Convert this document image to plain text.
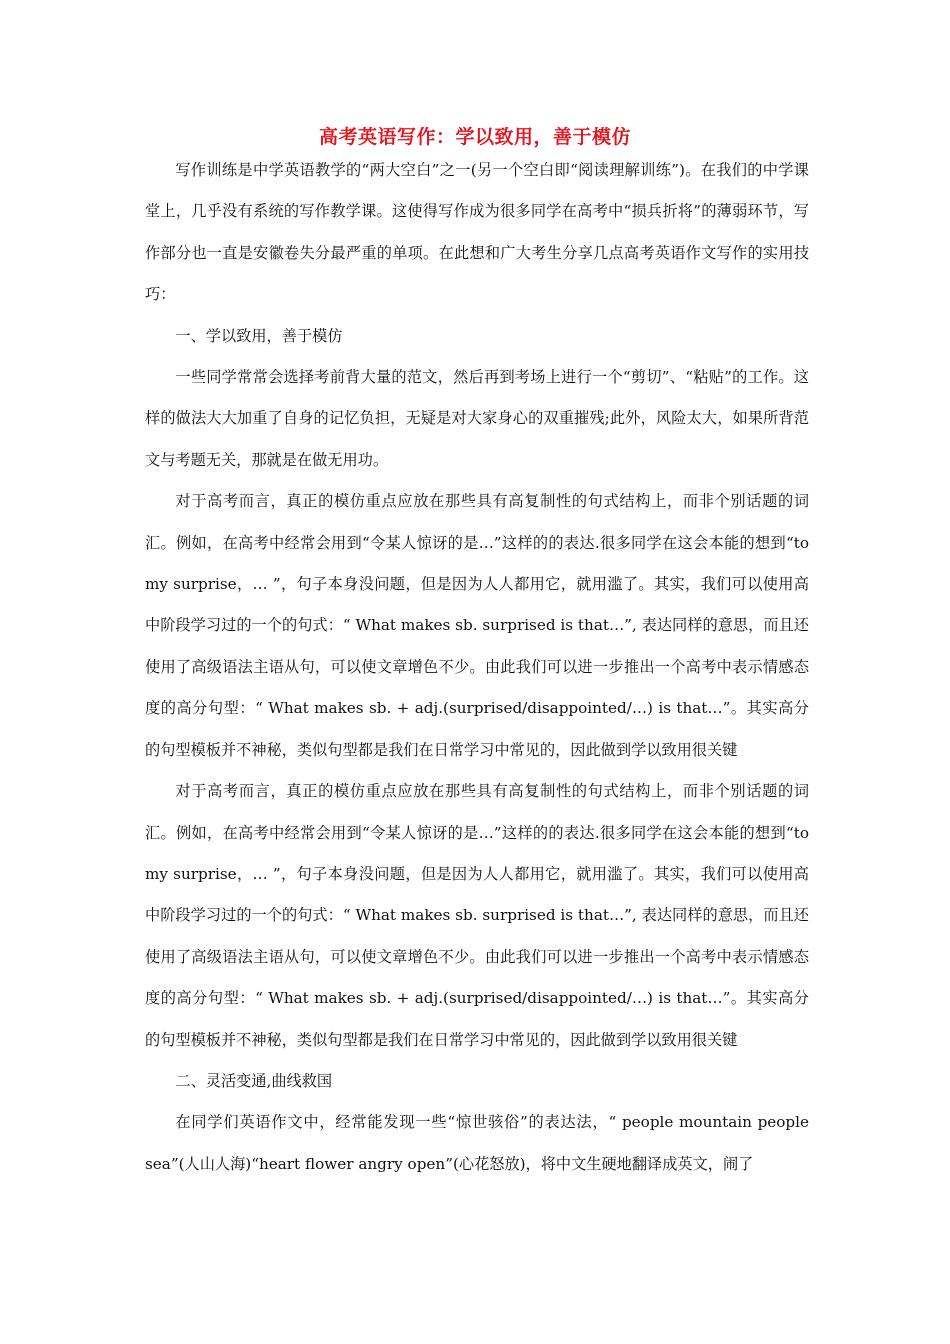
高考英语写作：学以致用，善于模仿

写作训练是中学英语教学的“两大空白”之一(另一个空白即“阅读理解训练”)。在我们的中学课堂上，几乎没有系统的写作教学课。这使得写作成为很多同学在高考中“损兵折将”的薄弱环节，写作部分也一直是安徽卷失分最严重的单项。在此想和广大考生分享几点高考英语作文写作的实用技巧：

一、学以致用，善于模仿

一些同学常常会选择考前背大量的范文，然后再到考场上进行一个“剪切”、“粘贴”的工作。这样的做法大大加重了自身的记忆负担，无疑是对大家身心的双重摧残;此外，风险太大，如果所背范文与考题无关，那就是在做无用功。

对于高考而言，真正的模仿重点应放在那些具有高复制性的句式结构上，而非个别话题的词汇。例如，在高考中经常会用到“令某人惊讶的是…”这样的的表达.很多同学在这会本能的想到“to my surprise，… ”，句子本身没问题，但是因为人人都用它，就用滥了。其实，我们可以使用高中阶段学习过的一个的句式：“ What makes sb. surprised is that…”, 表达同样的意思，而且还使用了高级语法主语从句，可以使文章增色不少。由此我们可以进一步推出一个高考中表示情感态度的高分句型：“ What makes sb. + adj.(surprised/disappointed/…) is that…”。其实高分的句型模板并不神秘，类似句型都是我们在日常学习中常见的，因此做到学以致用很关键

对于高考而言，真正的模仿重点应放在那些具有高复制性的句式结构上，而非个别话题的词汇。例如，在高考中经常会用到“令某人惊讶的是…”这样的的表达.很多同学在这会本能的想到“to my surprise，… ”，句子本身没问题，但是因为人人都用它，就用滥了。其实，我们可以使用高中阶段学习过的一个的句式：“ What makes sb. surprised is that…”, 表达同样的意思，而且还使用了高级语法主语从句，可以使文章增色不少。由此我们可以进一步推出一个高考中表示情感态度的高分句型：“ What makes sb. + adj.(surprised/disappointed/…) is that…”。其实高分的句型模板并不神秘，类似句型都是我们在日常学习中常见的，因此做到学以致用很关键

二、灵活变通,曲线救国

在同学们英语作文中，经常能发现一些“惊世骇俗”的表达法，“ people mountain people sea”(人山人海)“heart flower angry open”(心花怒放)，将中文生硬地翻译成英文，闹了
